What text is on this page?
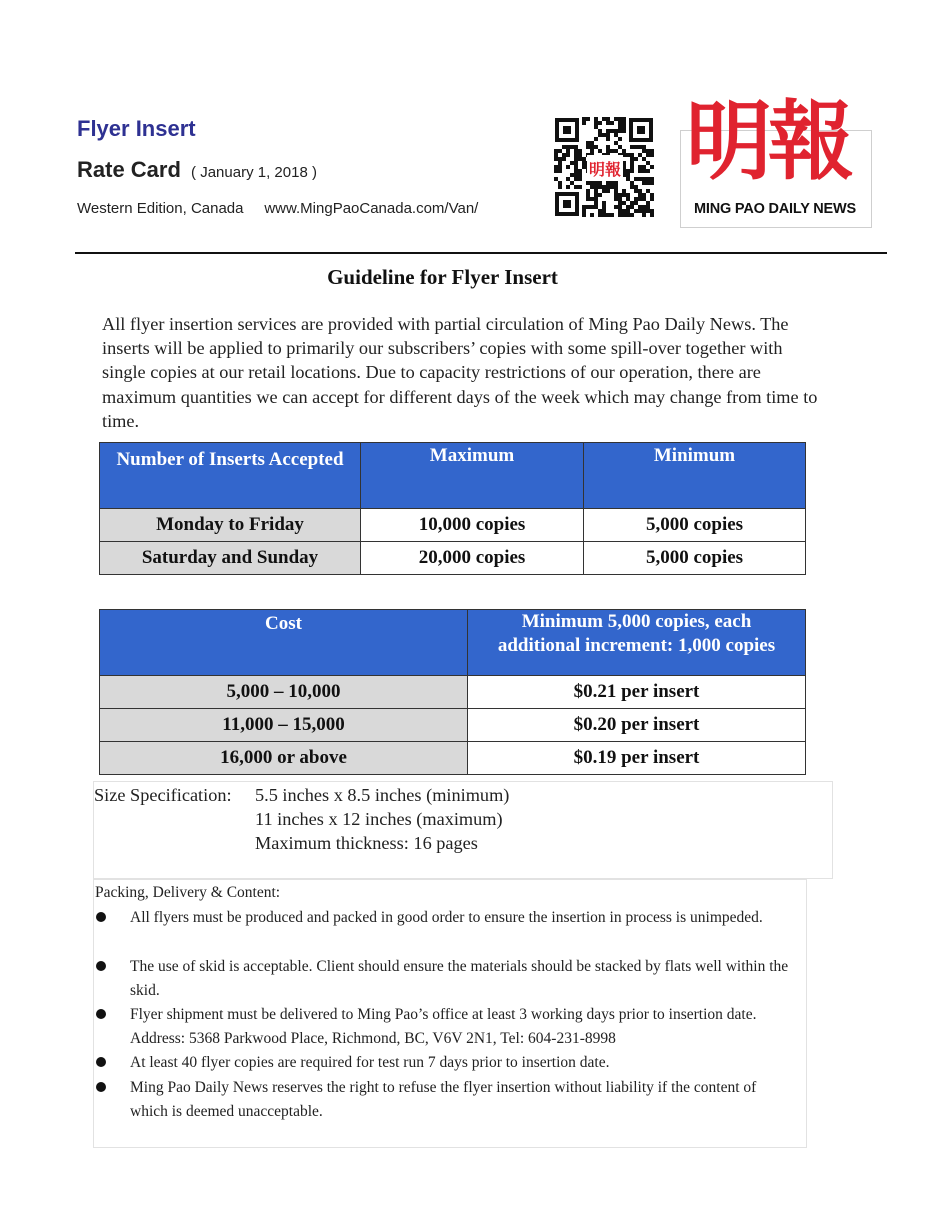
Flyer Insert
Rate Card ( January 1, 2018 )
Western Edition, Canada www.MingPaoCanada.com/Van/
明報 明報
MING PAO DAILY NEWS
Guideline for Flyer Insert
All flyer insertion services are provided with partial circulation of Ming Pao Daily News. The inserts will be applied to primarily our subscribers’ copies with some spill-over together with single copies at our retail locations. Due to capacity restrictions of our operation, there are maximum quantities we can accept for different days of the week which may change from time to time.
Number of Inserts Accepted	Maximum	Minimum
Monday to Friday	10,000 copies	5,000 copies
Saturday and Sunday	20,000 copies	5,000 copies
Cost	Minimum 5,000 copies, each additional increment: 1,000 copies
5,000 – 10,000	$0.21 per insert
11,000 – 15,000	$0.20 per insert
16,000 or above	$0.19 per insert
Size Specification: 5.5 inches x 8.5 inches (minimum)
11 inches x 12 inches (maximum)
Maximum thickness: 16 pages
Packing, Delivery & Content:
All flyers must be produced and packed in good order to ensure the insertion in process is unimpeded.
The use of skid is acceptable. Client should ensure the materials should be stacked by flats well within the skid.
Flyer shipment must be delivered to Ming Pao’s office at least 3 working days prior to insertion date. Address: 5368 Parkwood Place, Richmond, BC, V6V 2N1, Tel: 604-231-8998
At least 40 flyer copies are required for test run 7 days prior to insertion date.
Ming Pao Daily News reserves the right to refuse the flyer insertion without liability if the content of which is deemed unacceptable.
